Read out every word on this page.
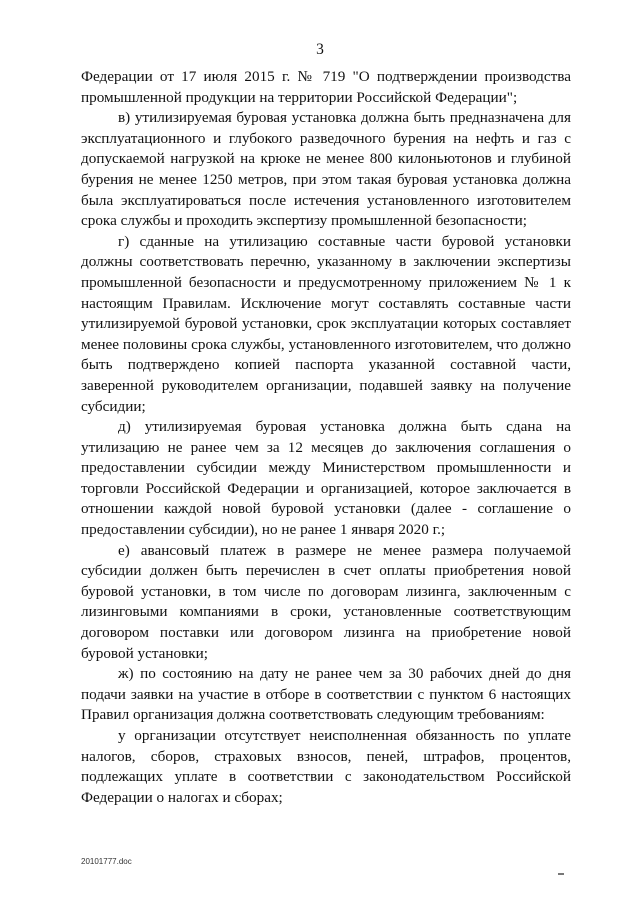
3

Федерации от 17 июля 2015 г. № 719 "О подтверждении производства промышленной продукции на территории Российской Федерации";

в) утилизируемая буровая установка должна быть предназначена для эксплуатационного и глубокого разведочного бурения на нефть и газ с допускаемой нагрузкой на крюке не менее 800 килоньютонов и глубиной бурения не менее 1250 метров, при этом такая буровая установка должна была эксплуатироваться после истечения установленного изготовителем срока службы и проходить экспертизу промышленной безопасности;

г) сданные на утилизацию составные части буровой установки должны соответствовать перечню, указанному в заключении экспертизы промышленной безопасности и предусмотренному приложением № 1 к настоящим Правилам. Исключение могут составлять составные части утилизируемой буровой установки, срок эксплуатации которых составляет менее половины срока службы, установленного изготовителем, что должно быть подтверждено копией паспорта указанной составной части, заверенной руководителем организации, подавшей заявку на получение субсидии;

д) утилизируемая буровая установка должна быть сдана на утилизацию не ранее чем за 12 месяцев до заключения соглашения о предоставлении субсидии между Министерством промышленности и торговли Российской Федерации и организацией, которое заключается в отношении каждой новой буровой установки (далее - соглашение о предоставлении субсидии), но не ранее 1 января 2020 г.;

е) авансовый платеж в размере не менее размера получаемой субсидии должен быть перечислен в счет оплаты приобретения новой буровой установки, в том числе по договорам лизинга, заключенным с лизинговыми компаниями в сроки, установленные соответствующим договором поставки или договором лизинга на приобретение новой буровой установки;

ж) по состоянию на дату не ранее чем за 30 рабочих дней до дня подачи заявки на участие в отборе в соответствии с пунктом 6 настоящих Правил организация должна соответствовать следующим требованиям:

у организации отсутствует неисполненная обязанность по уплате налогов, сборов, страховых взносов, пеней, штрафов, процентов, подлежащих уплате в соответствии с законодательством Российской Федерации о налогах и сборах;

20101777.doc
